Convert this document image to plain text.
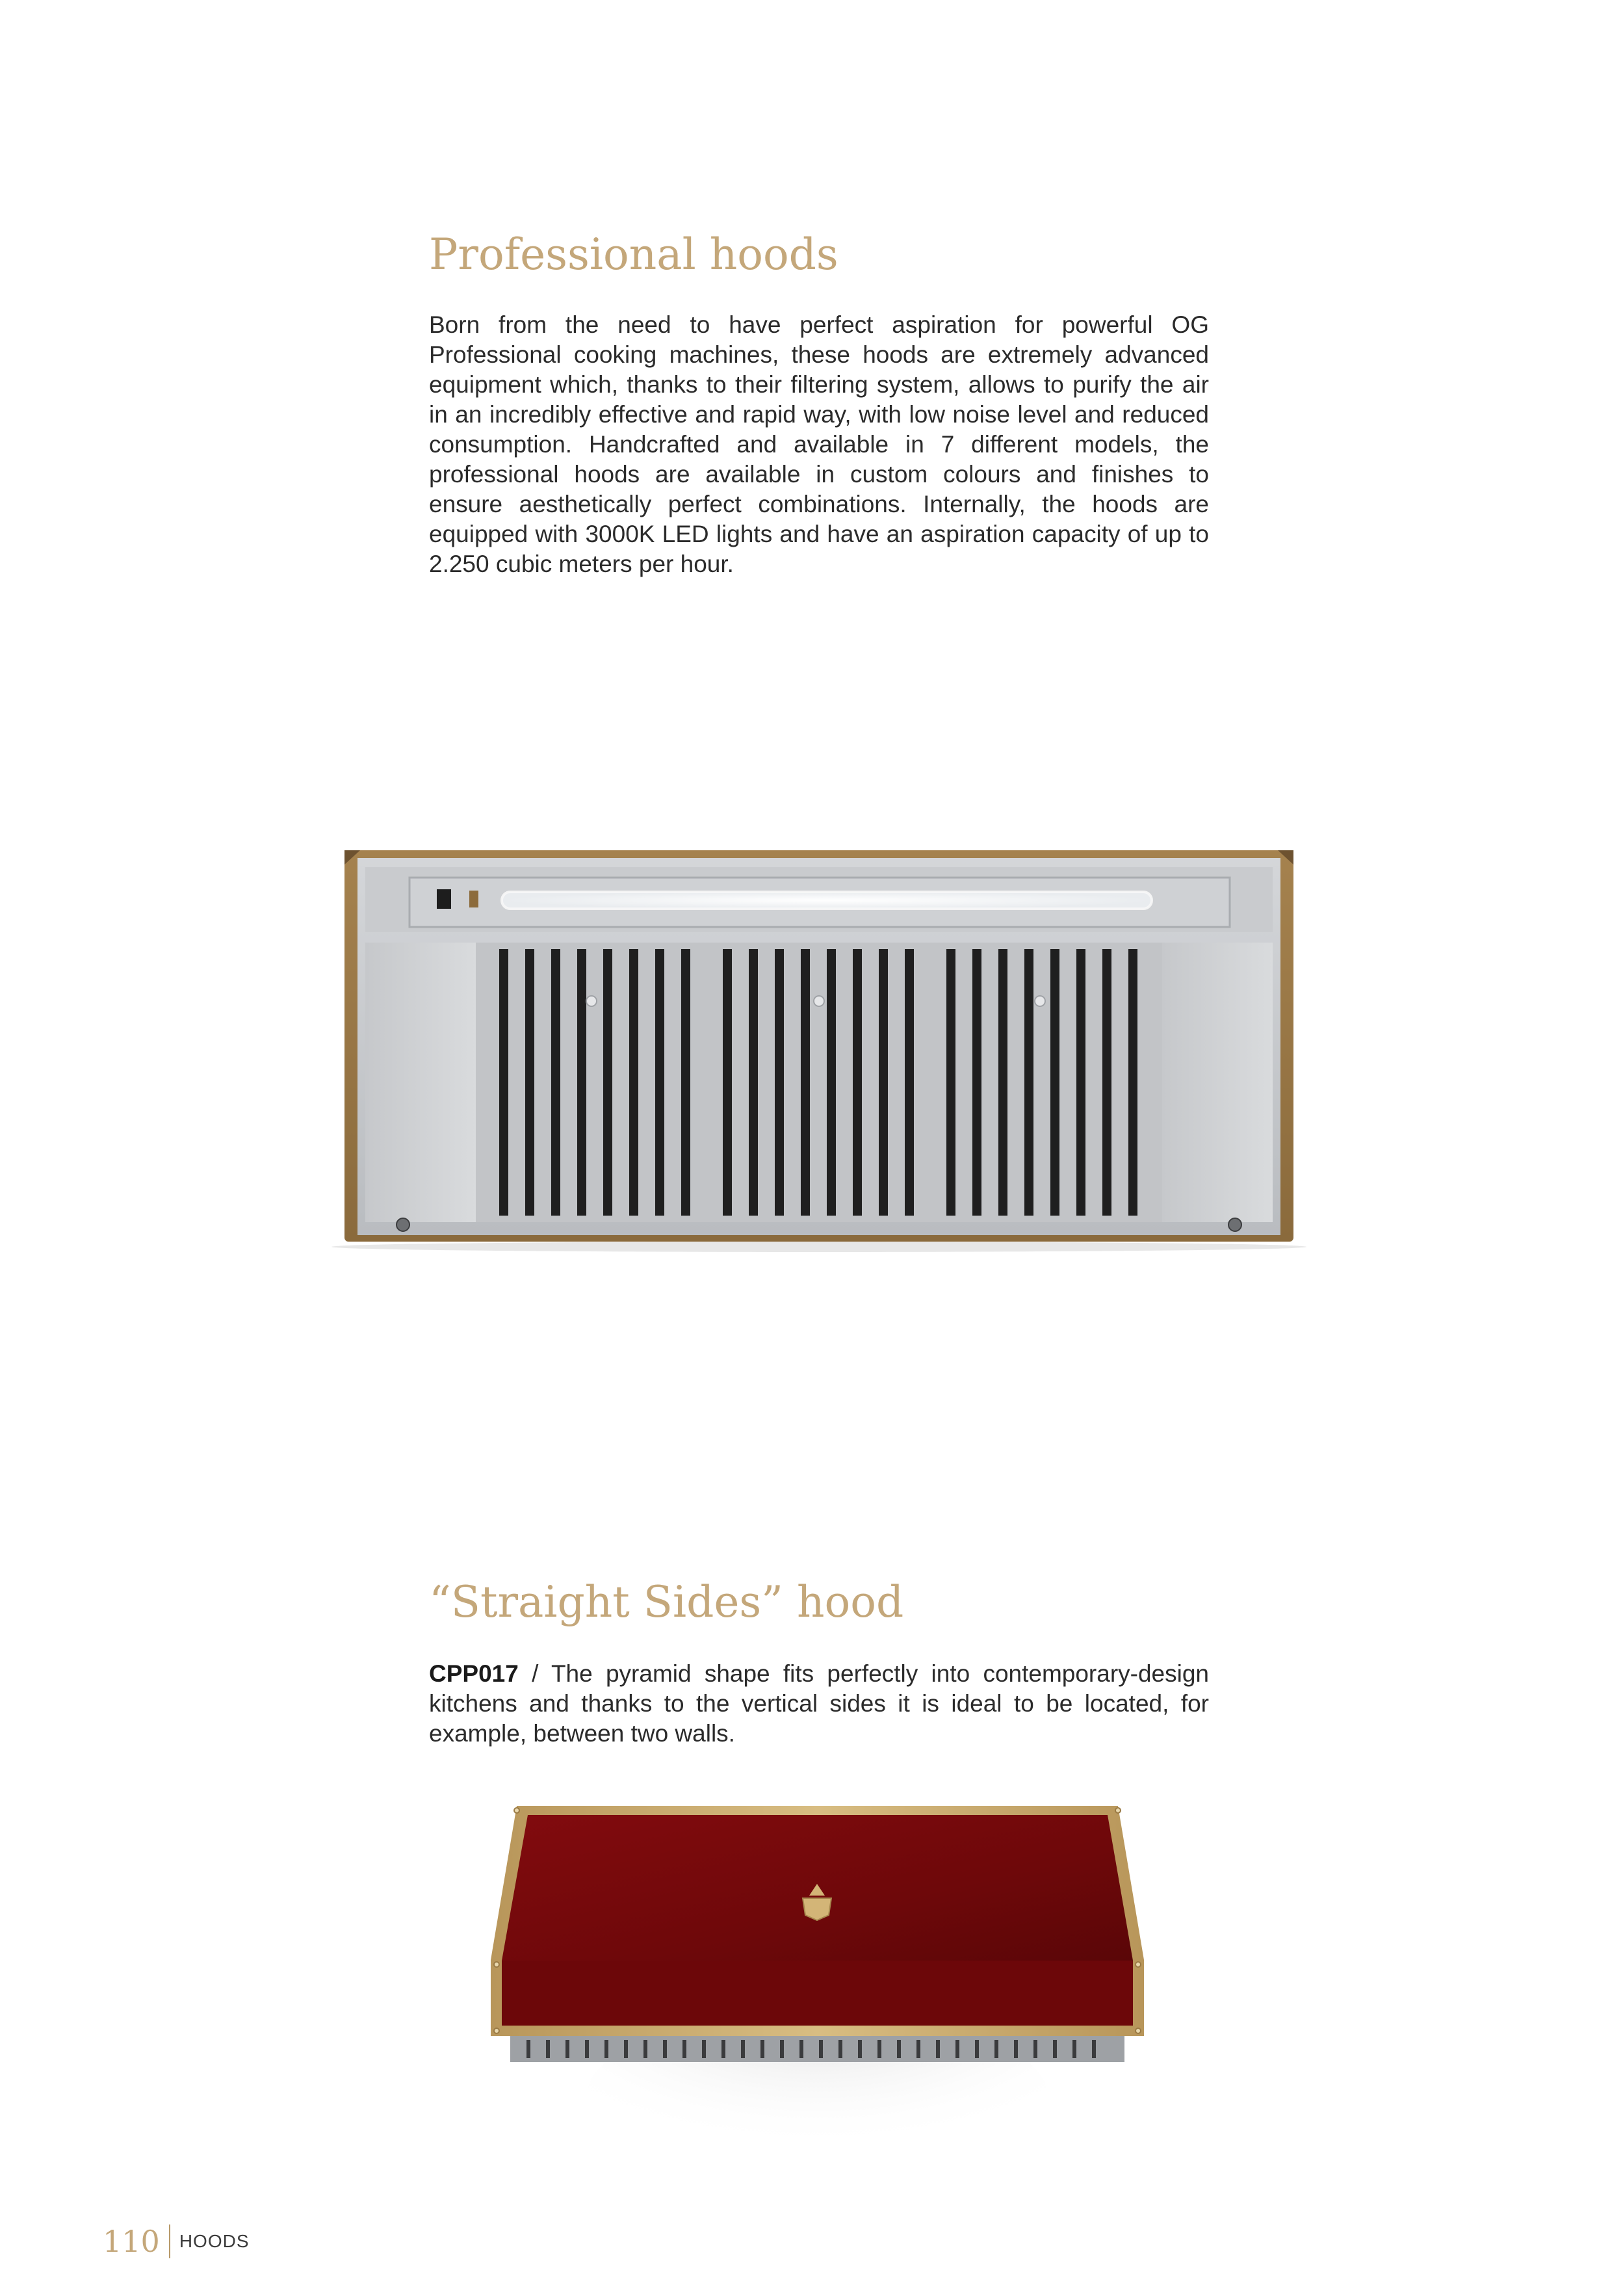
Professional hoods

Born from the need to have perfect aspiration for powerful OG Professional cooking machines, these hoods are extremely advanced equipment which, thanks to their filtering system, allows to purify the air in an incredibly effective and rapid way, with low noise level and reduced consumption. Handcrafted and available in 7 different models, the professional hoods are available in custom colours and finishes to ensure aesthetically perfect combinations. Internally, the hoods are equipped with 3000K LED lights and have an aspiration capacity of up to 2.250 cubic meters per hour.

“Straight Sides” hood

CPP017 / The pyramid shape fits perfectly into contemporary-design kitchens and thanks to the vertical sides it is ideal to be located, for example, between two walls.

110 HOODS
